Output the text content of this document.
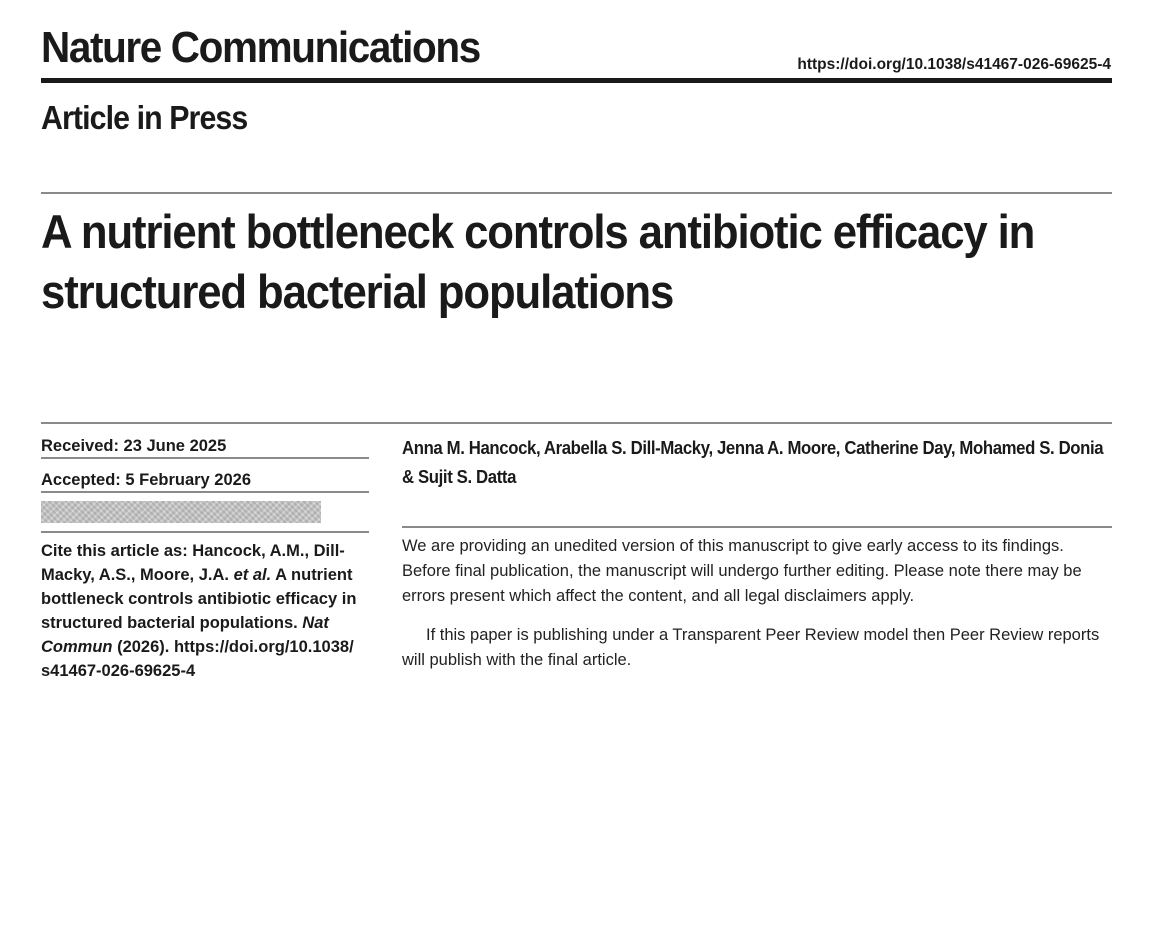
Nature Communications	https://doi.org/10.1038/s41467-026-69625-4
Article in Press
A nutrient bottleneck controls antibiotic efficacy in structured bacterial populations
Received: 23 June 2025
Accepted: 5 February 2026
Cite this article as: Hancock, A.M., Dill-Macky, A.S., Moore, J.A. et al. A nutrient bottleneck controls antibiotic efficacy in structured bacterial populations. Nat Commun (2026). https://doi.org/10.1038/ s41467-026-69625-4
Anna M. Hancock, Arabella S. Dill-Macky, Jenna A. Moore, Catherine Day, Mohamed S. Donia & Sujit S. Datta

We are providing an unedited version of this manuscript to give early access to its findings. Before final publication, the manuscript will undergo further editing. Please note there may be errors present which affect the content, and all legal disclaimers apply.

If this paper is publishing under a Transparent Peer Review model then Peer Review reports will publish with the final article.
